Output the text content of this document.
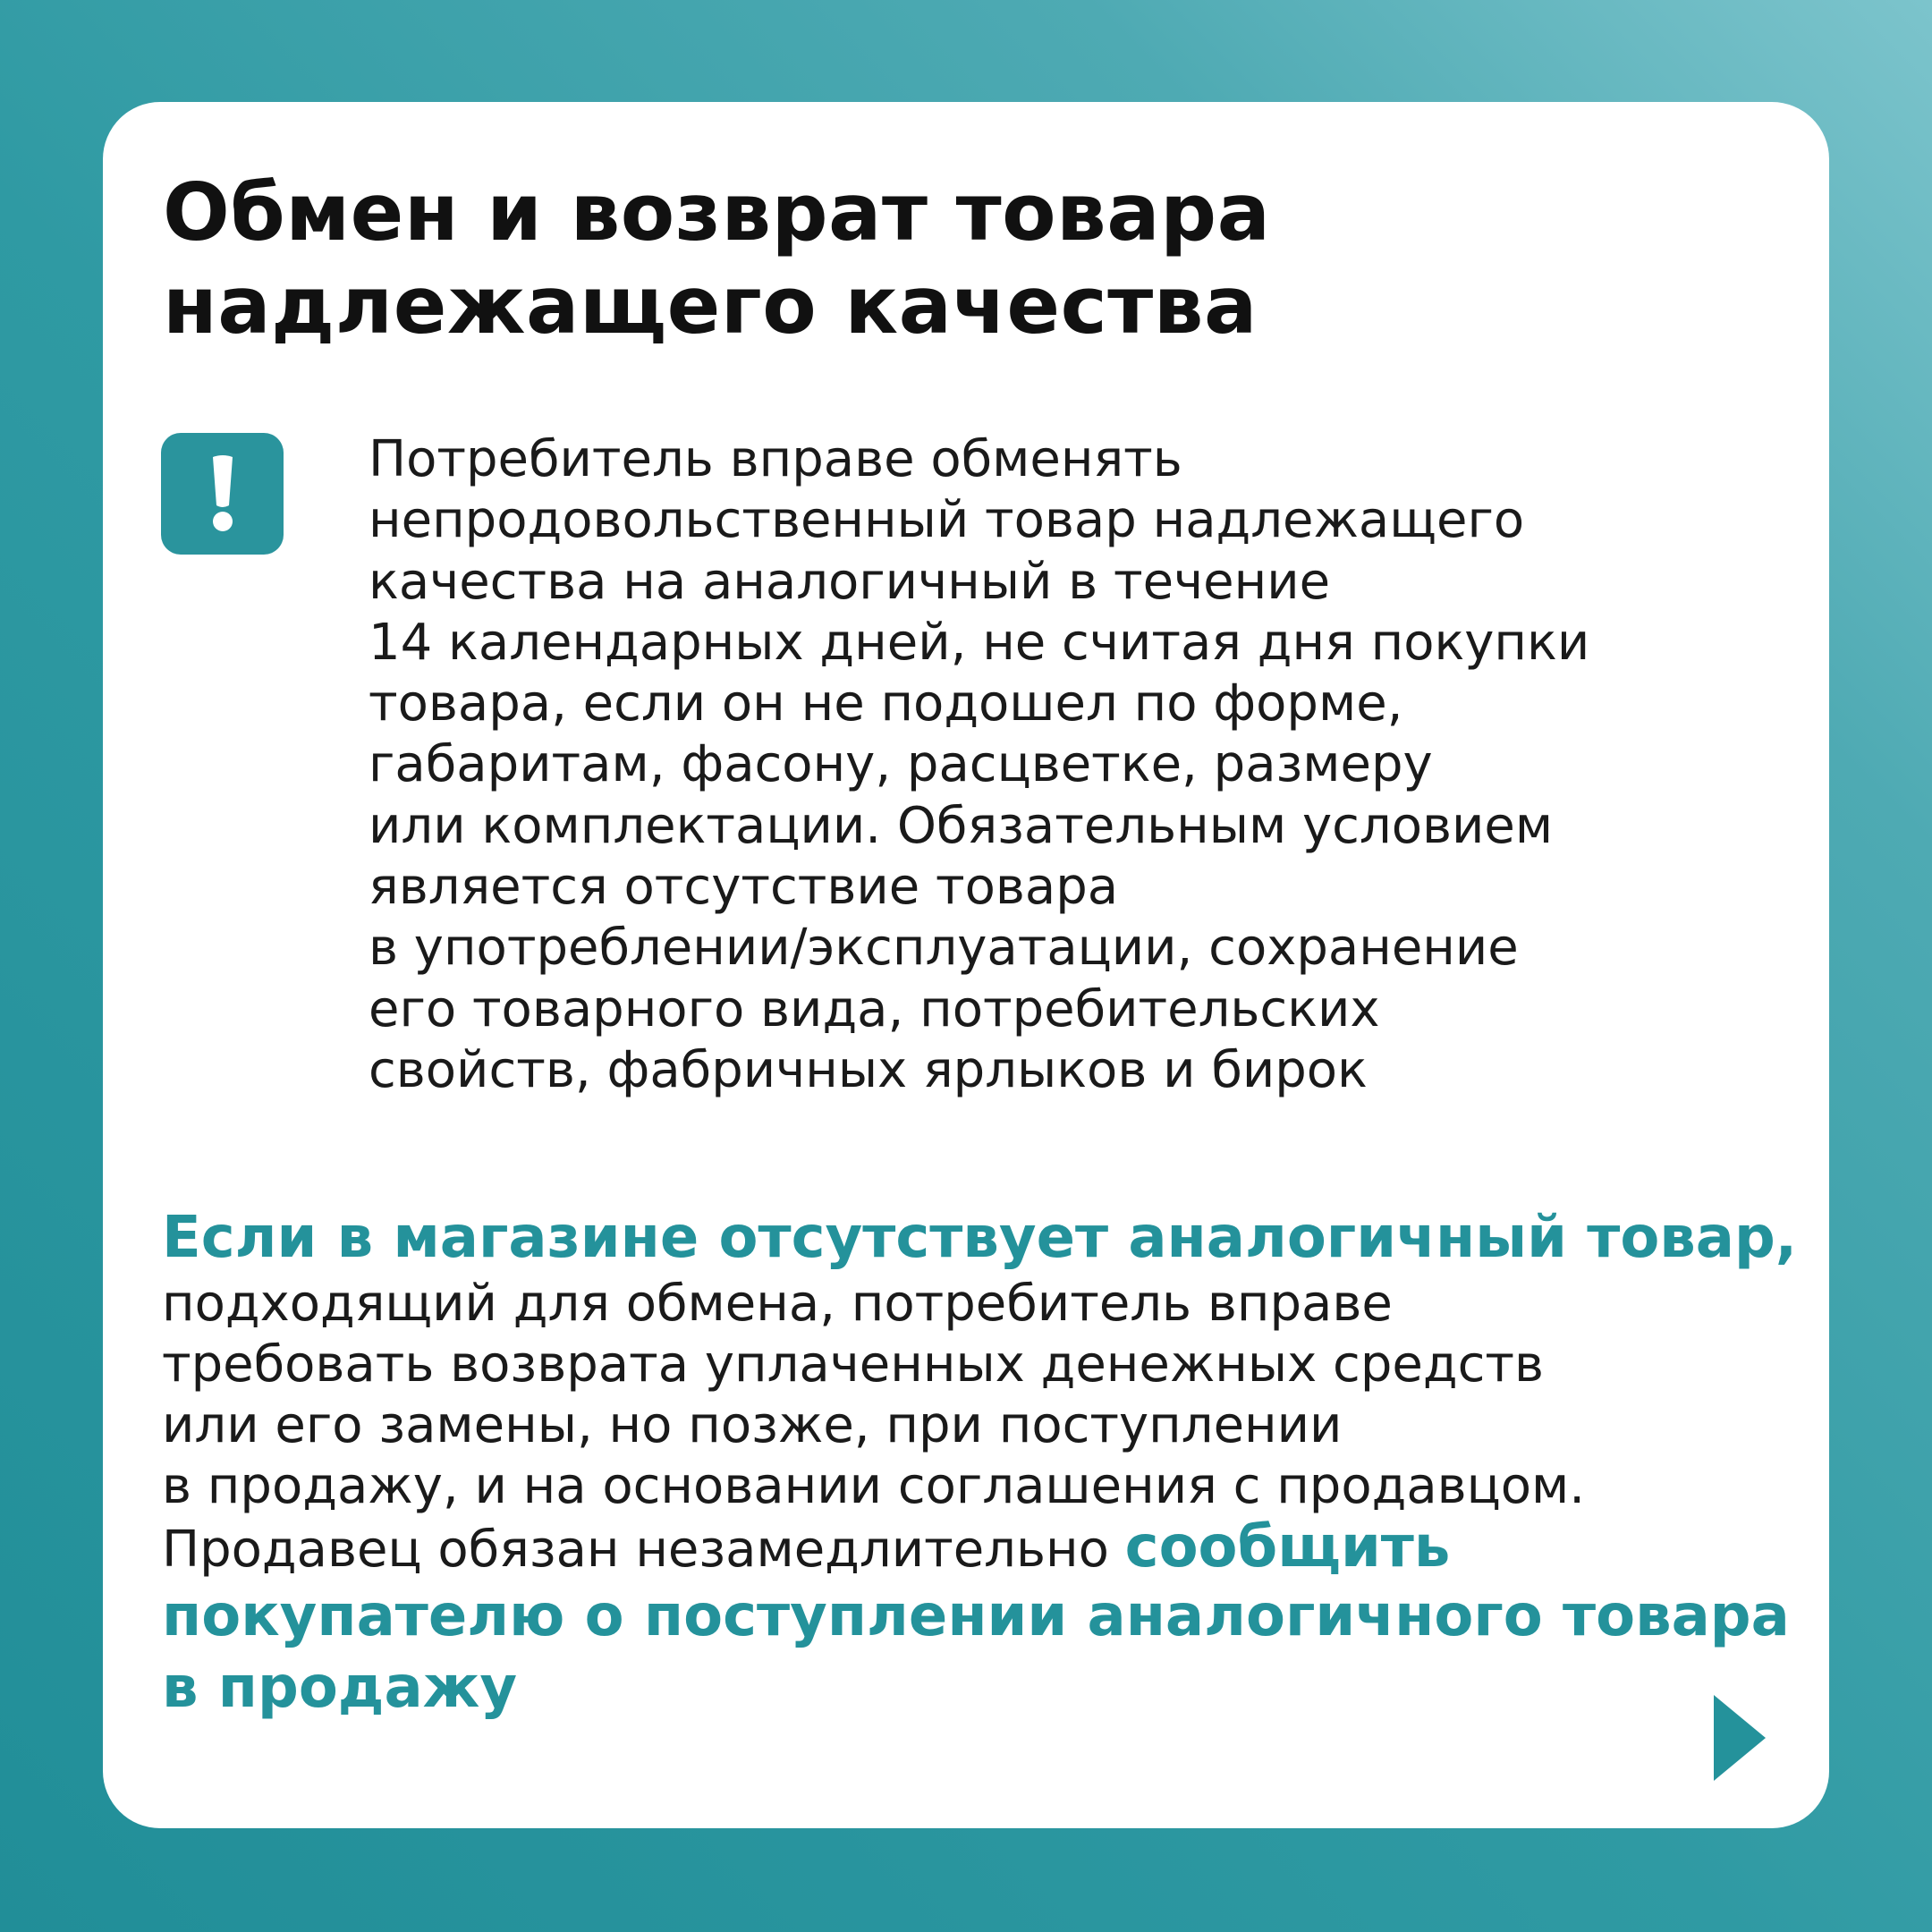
Обмен и возврат товара
надлежащего качества
Потребитель вправе обменять
непродовольственный товар надлежащего
качества на аналогичный в течение
14 календарных дней, не считая дня покупки
товара, если он не подошел по форме,
габаритам, фасону, расцветке, размеру
или комплектации. Обязательным условием
является отсутствие товара
в употреблении/эксплуатации, сохранение
его товарного вида, потребительских
свойств, фабричных ярлыков и бирок
Если в магазине отсутствует аналогичный товар,
подходящий для обмена, потребитель вправе
требовать возврата уплаченных денежных средств
или его замены, но позже, при поступлении
в продажу, и на основании соглашения с продавцом.
Продавец обязан незамедлительно сообщить
покупателю о поступлении аналогичного товара
в продажу
